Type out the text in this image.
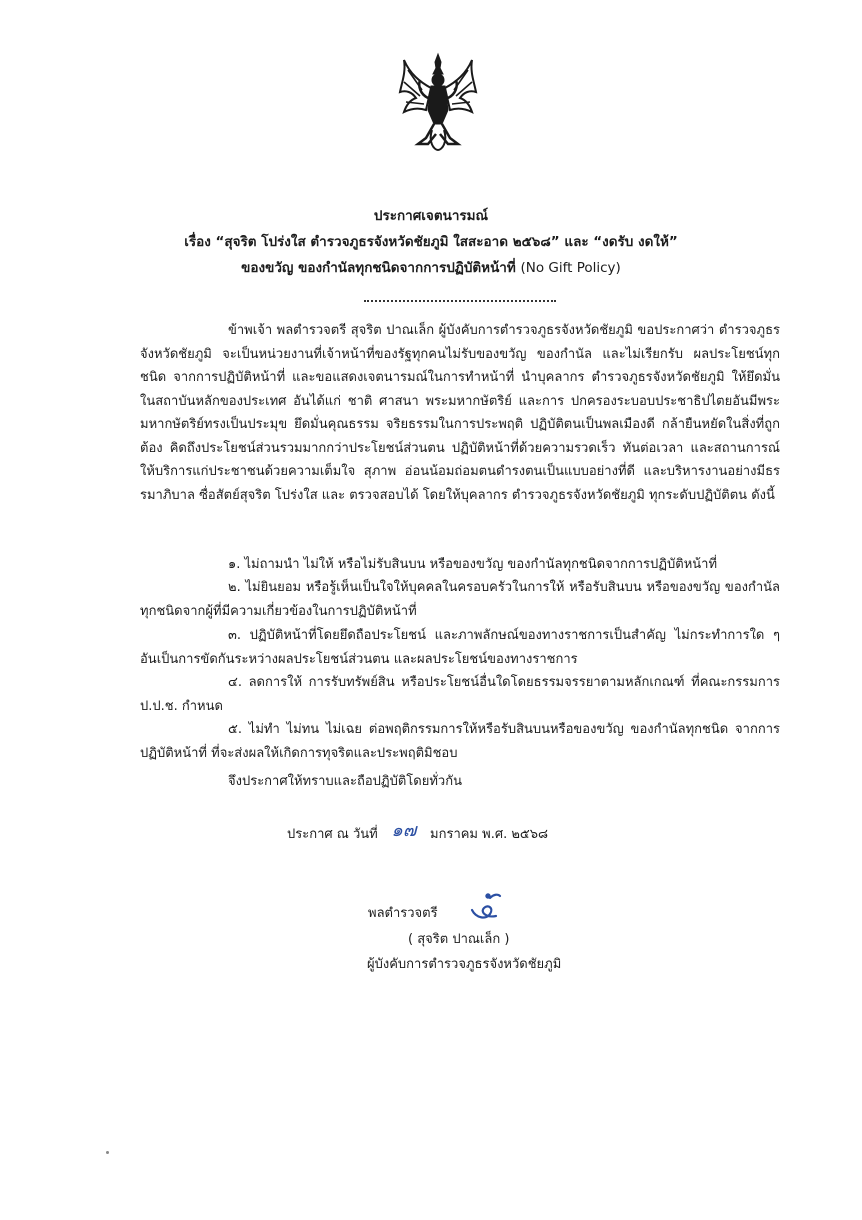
ประกาศเจตนารมณ์
เรื่อง “สุจริต โปร่งใส ตำรวจภูธรจังหวัดชัยภูมิ ใสสะอาด ๒๕๖๘” และ “งดรับ งดให้”
ของขวัญ ของกำนัลทุกชนิดจากการปฏิบัติหน้าที่ (No Gift Policy)
ข้าพเจ้า พลตำรวจตรี สุจริต ปาณเล็ก ผู้บังคับการตำรวจภูธรจังหวัดชัยภูมิ ขอประกาศว่า ตำรวจภูธรจังหวัดชัยภูมิ จะเป็นหน่วยงานที่เจ้าหน้าที่ของรัฐทุกคนไม่รับของขวัญ ของกำนัล และไม่เรียกรับ ผลประโยชน์ทุกชนิด จากการปฏิบัติหน้าที่ และขอแสดงเจตนารมณ์ในการทำหน้าที่ นำบุคลากร ตำรวจภูธรจังหวัดชัยภูมิ ให้ยึดมั่น ในสถาบันหลักของประเทศ อันได้แก่ ชาติ ศาสนา พระมหากษัตริย์ และการ ปกครองระบอบประชาธิปไตยอันมีพระมหากษัตริย์ทรงเป็นประมุข ยึดมั่นคุณธรรม จริยธรรมในการประพฤติ ปฏิบัติตนเป็นพลเมืองดี กล้ายืนหยัดในสิ่งที่ถูกต้อง คิดถึงประโยชน์ส่วนรวมมากกว่าประโยชน์ส่วนตน ปฏิบัติหน้าที่ด้วยความรวดเร็ว ทันต่อเวลา และสถานการณ์ ให้บริการแก่ประชาชนด้วยความเต็มใจ สุภาพ อ่อนน้อมถ่อมตนดำรงตนเป็นแบบอย่างที่ดี และบริหารงานอย่างมีธรรมาภิบาล ซื่อสัตย์สุจริต โปร่งใส และ ตรวจสอบได้ โดยให้บุคลากร ตำรวจภูธรจังหวัดชัยภูมิ ทุกระดับปฏิบัติตน ดังนี้
๑. ไม่ถามนำ ไม่ให้ หรือไม่รับสินบน หรือของขวัญ ของกำนัลทุกชนิดจากการปฏิบัติหน้าที่
๒. ไม่ยินยอม หรือรู้เห็นเป็นใจให้บุคคลในครอบครัวในการให้ หรือรับสินบน หรือของขวัญ ของกำนัลทุกชนิดจากผู้ที่มีความเกี่ยวข้องในการปฏิบัติหน้าที่
๓. ปฏิบัติหน้าที่โดยยึดถือประโยชน์ และภาพลักษณ์ของทางราชการเป็นสำคัญ ไม่กระทำการใด ๆ อันเป็นการขัดกันระหว่างผลประโยชน์ส่วนตน และผลประโยชน์ของทางราชการ
๔. ลดการให้ การรับทรัพย์สิน หรือประโยชน์อื่นใดโดยธรรมจรรยาตามหลักเกณฑ์ ที่คณะกรรมการ ป.ป.ช. กำหนด
๕. ไม่ทำ ไม่ทน ไม่เฉย ต่อพฤติกรรมการให้หรือรับสินบนหรือของขวัญ ของกำนัลทุกชนิด จากการปฏิบัติหน้าที่ ที่จะส่งผลให้เกิดการทุจริตและประพฤติมิชอบ
จึงประกาศให้ทราบและถือปฏิบัติโดยทั่วกัน
ประกาศ ณ วันที่ ๑๗ มกราคม พ.ศ. ๒๕๖๘
พลตำรวจตรี
( สุจริต ปาณเล็ก )
ผู้บังคับการตำรวจภูธรจังหวัดชัยภูมิ
